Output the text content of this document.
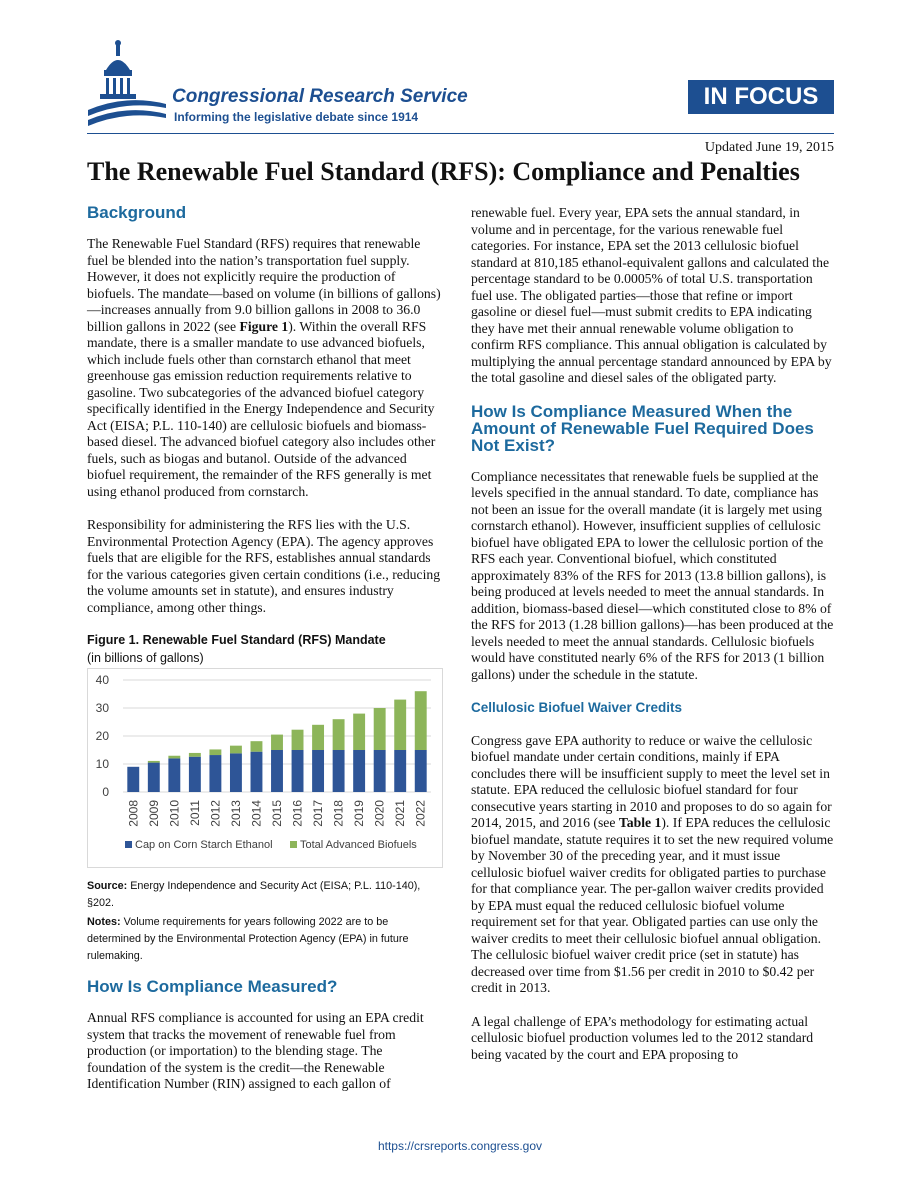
Congressional Research Service
Informing the legislative debate since 1914
IN FOCUS
Updated June 19, 2015
The Renewable Fuel Standard (RFS): Compliance and Penalties
Background

The Renewable Fuel Standard (RFS) requires that renewable fuel be blended into the nation’s transportation fuel supply. However, it does not explicitly require the production of biofuels. The mandate—based on volume (in billions of gallons)—increases annually from 9.0 billion gallons in 2008 to 36.0 billion gallons in 2022 (see Figure 1). Within the overall RFS mandate, there is a smaller mandate to use advanced biofuels, which include fuels other than cornstarch ethanol that meet greenhouse gas emission reduction requirements relative to gasoline. Two subcategories of the advanced biofuel category specifically identified in the Energy Independence and Security Act (EISA; P.L. 110-140) are cellulosic biofuels and biomass-based diesel. The advanced biofuel category also includes other fuels, such as biogas and butanol. Outside of the advanced biofuel requirement, the remainder of the RFS generally is met using ethanol produced from cornstarch.

Responsibility for administering the RFS lies with the U.S. Environmental Protection Agency (EPA). The agency approves fuels that are eligible for the RFS, establishes annual standards for the various categories given certain conditions (i.e., reducing the volume amounts set in statute), and ensures industry compliance, among other things.

Figure 1. Renewable Fuel Standard (RFS) Mandate
(in billions of gallons)
0
10
20
30
40
2008 2009 2010 2011 2012 2013 2014 2015 2016 2017 2018 2019 2020 2021 2022
Cap on Corn Starch Ethanol Total Advanced Biofuels
Source: Energy Independence and Security Act (EISA; P.L. 110-140), §202.
Notes: Volume requirements for years following 2022 are to be determined by the Environmental Protection Agency (EPA) in future rulemaking.
How Is Compliance Measured?

Annual RFS compliance is accounted for using an EPA credit system that tracks the movement of renewable fuel from production (or importation) to the blending stage. The foundation of the system is the credit—the Renewable Identification Number (RIN) assigned to each gallon of

renewable fuel. Every year, EPA sets the annual standard, in volume and in percentage, for the various renewable fuel categories. For instance, EPA set the 2013 cellulosic biofuel standard at 810,185 ethanol-equivalent gallons and calculated the percentage standard to be 0.0005% of total U.S. transportation fuel use. The obligated parties—those that refine or import gasoline or diesel fuel—must submit credits to EPA indicating they have met their annual renewable volume obligation to confirm RFS compliance. This annual obligation is calculated by multiplying the annual percentage standard announced by EPA by the total gasoline and diesel sales of the obligated party.

How Is Compliance Measured When the Amount of Renewable Fuel Required Does Not Exist?

Compliance necessitates that renewable fuels be supplied at the levels specified in the annual standard. To date, compliance has not been an issue for the overall mandate (it is largely met using cornstarch ethanol). However, insufficient supplies of cellulosic biofuel have obligated EPA to lower the cellulosic portion of the RFS each year. Conventional biofuel, which constituted approximately 83% of the RFS for 2013 (13.8 billion gallons), is being produced at levels needed to meet the annual standards. In addition, biomass-based diesel—which constituted close to 8% of the RFS for 2013 (1.28 billion gallons)—has been produced at the levels needed to meet the annual standards. Cellulosic biofuels would have constituted nearly 6% of the RFS for 2013 (1 billion gallons) under the schedule in the statute.

Cellulosic Biofuel Waiver Credits

Congress gave EPA authority to reduce or waive the cellulosic biofuel mandate under certain conditions, mainly if EPA concludes there will be insufficient supply to meet the level set in statute. EPA reduced the cellulosic biofuel standard for four consecutive years starting in 2010 and proposes to do so again for 2014, 2015, and 2016 (see Table 1). If EPA reduces the cellulosic biofuel mandate, statute requires it to set the new required volume by November 30 of the preceding year, and it must issue cellulosic biofuel waiver credits for obligated parties to purchase for that compliance year. The per-gallon waiver credits provided by EPA must equal the reduced cellulosic biofuel volume requirement set for that year. Obligated parties can use only the waiver credits to meet their cellulosic biofuel annual obligation. The cellulosic biofuel waiver credit price (set in statute) has decreased over time from $1.56 per credit in 2010 to $0.42 per credit in 2013.

A legal challenge of EPA’s methodology for estimating actual cellulosic biofuel production volumes led to the 2012 standard being vacated by the court and EPA proposing to

https://crsreports.congress.gov
